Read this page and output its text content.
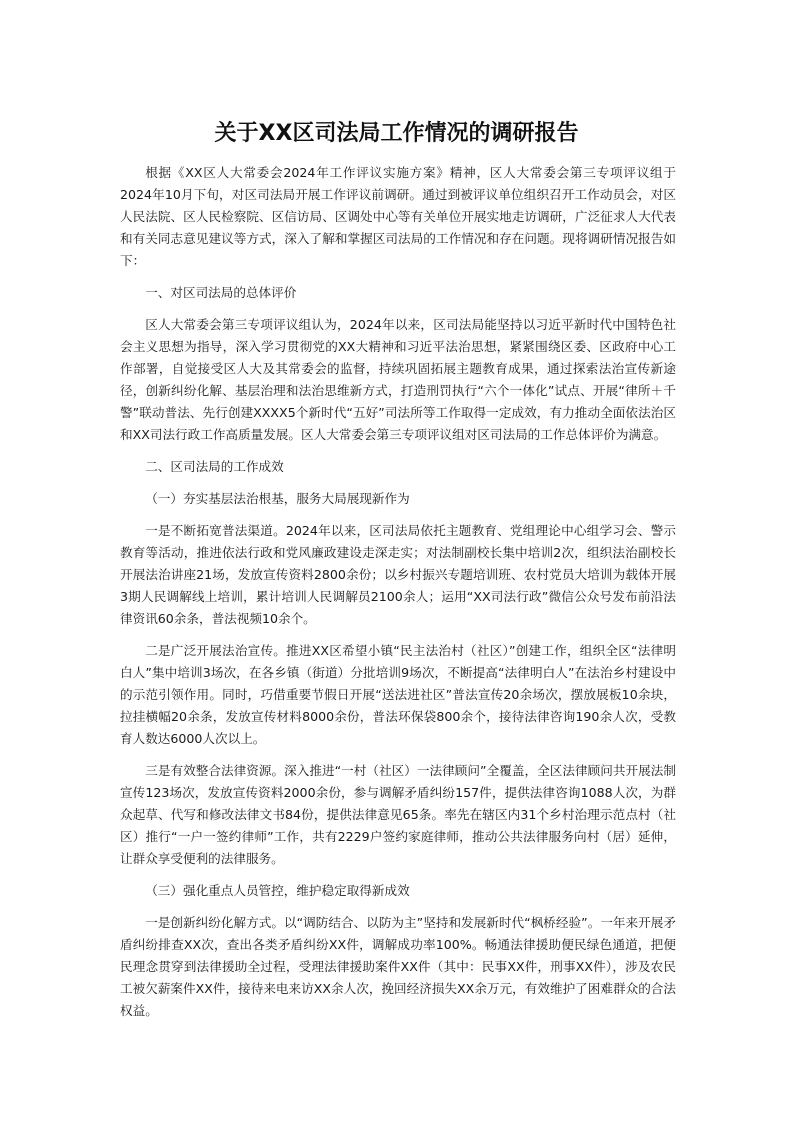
关于XX区司法局工作情况的调研报告

根据《XX区人大常委会2024年工作评议实施方案》精神，区人大常委会第三专项评议组于2024年10月下旬，对区司法局开展工作评议前调研。通过到被评议单位组织召开工作动员会，对区人民法院、区人民检察院、区信访局、区调处中心等有关单位开展实地走访调研，广泛征求人大代表和有关同志意见建议等方式，深入了解和掌握区司法局的工作情况和存在问题。现将调研情况报告如下：

一、对区司法局的总体评价

区人大常委会第三专项评议组认为，2024年以来，区司法局能坚持以习近平新时代中国特色社会主义思想为指导，深入学习贯彻党的XX大精神和习近平法治思想，紧紧围绕区委、区政府中心工作部署，自觉接受区人大及其常委会的监督，持续巩固拓展主题教育成果，通过探索法治宣传新途径，创新纠纷化解、基层治理和法治思维新方式，打造刑罚执行“六个一体化”试点、开展“律所＋千警”联动普法、先行创建XXXX5个新时代“五好”司法所等工作取得一定成效，有力推动全面依法治区和XX司法行政工作高质量发展。区人大常委会第三专项评议组对区司法局的工作总体评价为满意。

二、区司法局的工作成效

（一）夯实基层法治根基，服务大局展现新作为

一是不断拓宽普法渠道。2024年以来，区司法局依托主题教育、党组理论中心组学习会、警示教育等活动，推进依法行政和党风廉政建设走深走实；对法制副校长集中培训2次，组织法治副校长开展法治讲座21场，发放宣传资料2800余份；以乡村振兴专题培训班、农村党员大培训为载体开展3期人民调解线上培训，累计培训人民调解员2100余人；运用“XX司法行政”微信公众号发布前沿法律资讯60余条，普法视频10余个。

二是广泛开展法治宣传。推进XX区希望小镇“民主法治村（社区）”创建工作，组织全区“法律明白人”集中培训3场次，在各乡镇（街道）分批培训9场次，不断提高“法律明白人”在法治乡村建设中的示范引领作用。同时，巧借重要节假日开展“送法进社区”普法宣传20余场次，摆放展板10余块，拉挂横幅20余条，发放宣传材料8000余份，普法环保袋800余个，接待法律咨询190余人次，受教育人数达6000人次以上。

三是有效整合法律资源。深入推进“一村（社区）一法律顾问”全覆盖，全区法律顾问共开展法制宣传123场次，发放宣传资料2000余份，参与调解矛盾纠纷157件，提供法律咨询1088人次，为群众起草、代写和修改法律文书84份，提供法律意见65条。率先在辖区内31个乡村治理示范点村（社区）推行“一户一签约律师”工作，共有2229户签约家庭律师，推动公共法律服务向村（居）延伸，让群众享受便利的法律服务。

（三）强化重点人员管控，维护稳定取得新成效

一是创新纠纷化解方式。以“调防结合、以防为主”坚持和发展新时代“枫桥经验”。一年来开展矛盾纠纷排查XX次，查出各类矛盾纠纷XX件，调解成功率100%。畅通法律援助便民绿色通道，把便民理念贯穿到法律援助全过程，受理法律援助案件XX件（其中：民事XX件，刑事XX件），涉及农民工被欠薪案件XX件，接待来电来访XX余人次，挽回经济损失XX余万元，有效维护了困难群众的合法权益。
